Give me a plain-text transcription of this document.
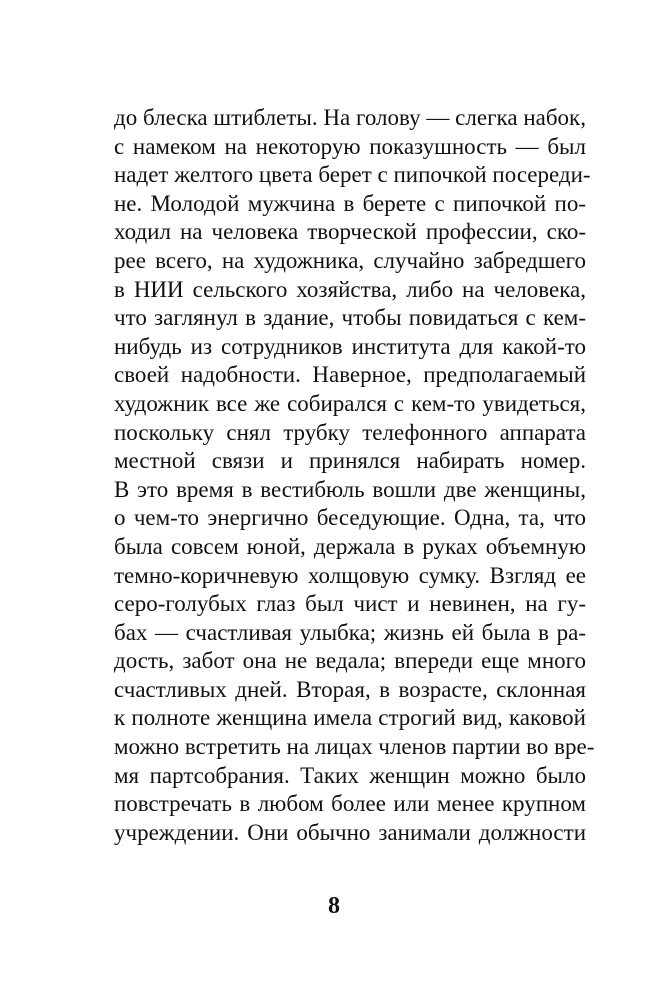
до блеска штиблеты. На голову — слегка набок,
с намеком на некоторую показушность — был
надет желтого цвета берет с пипочкой посереди-
не. Молодой мужчина в берете с пипочкой по-
ходил на человека творческой профессии, ско-
рее всего, на художника, случайно забредшего
в НИИ сельского хозяйства, либо на человека,
что заглянул в здание, чтобы повидаться с кем-
нибудь из сотрудников института для какой-то
своей надобности. Наверное, предполагаемый
художник все же собирался с кем-то увидеться,
поскольку снял трубку телефонного аппарата
местной связи и принялся набирать номер.
В это время в вестибюль вошли две женщины,
о чем-то энергично беседующие. Одна, та, что
была совсем юной, держала в руках объемную
темно-коричневую холщовую сумку. Взгляд ее
серо-голубых глаз был чист и невинен, на гу-
бах — счастливая улыбка; жизнь ей была в ра-
дость, забот она не ведала; впереди еще много
счастливых дней. Вторая, в возрасте, склонная
к полноте женщина имела строгий вид, каковой
можно встретить на лицах членов партии во вре-
мя партсобрания. Таких женщин можно было
повстречать в любом более или менее крупном
учреждении. Они обычно занимали должности
8
